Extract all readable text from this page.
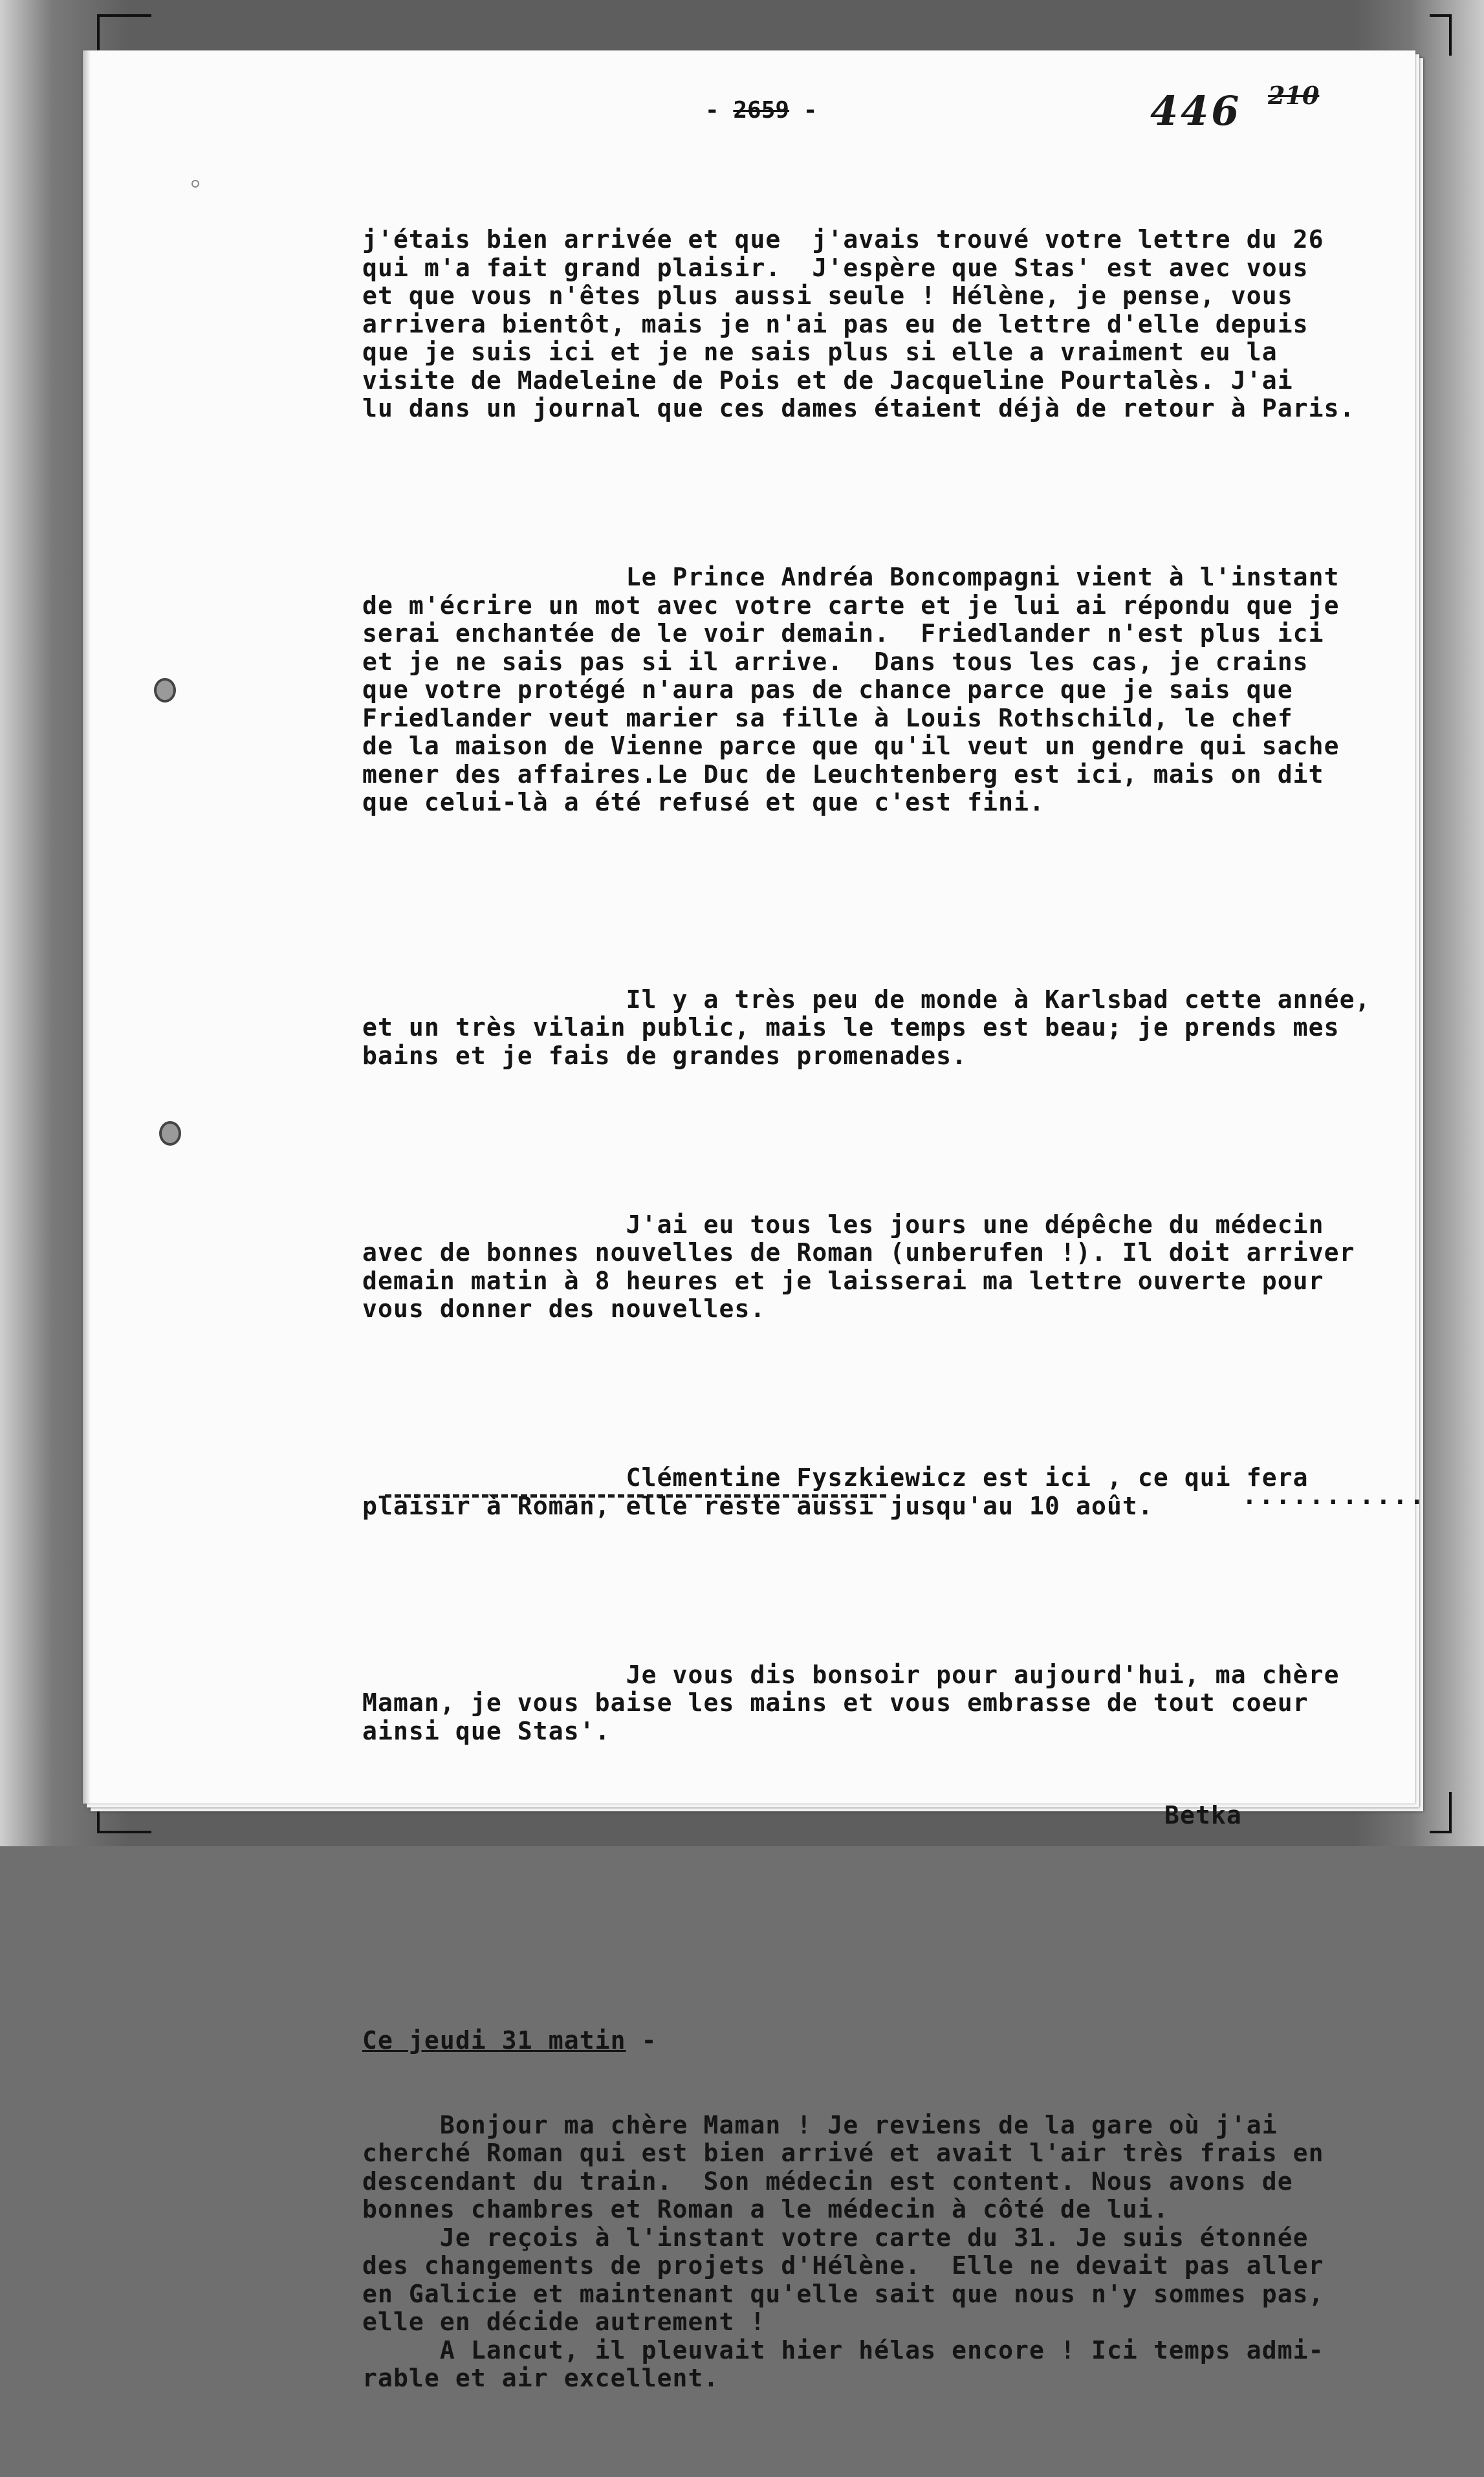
- 2659 -	446 210

j'étais bien arrivée et que  j'avais trouvé votre lettre du 26
qui m'a fait grand plaisir.  J'espère que Stas' est avec vous
et que vous n'êtes plus aussi seule ! Hélène, je pense, vous
arrivera bientôt, mais je n'ai pas eu de lettre d'elle depuis
que je suis ici et je ne sais plus si elle a vraiment eu la
visite de Madeleine de Pois et de Jacqueline Pourtalès. J'ai
lu dans un journal que ces dames étaient déjà de retour à Paris.

Le Prince Andréa Boncompagni vient à l'instant
de m'écrire un mot avec votre carte et je lui ai répondu que je
serai enchantée de le voir demain.  Friedlander n'est plus ici
et je ne sais pas si il arrive.  Dans tous les cas, je crains
que votre protégé n'aura pas de chance parce que je sais que
Friedlander veut marier sa fille à Louis Rothschild, le chef
de la maison de Vienne parce que qu'il veut un gendre qui sache
mener des affaires.Le Duc de Leuchtenberg est ici, mais on dit
que celui-là a été refusé et que c'est fini.

Il y a très peu de monde à Karlsbad cette année,
et un très vilain public, mais le temps est beau; je prends mes
bains et je fais de grandes promenades.

J'ai eu tous les jours une dépêche du médecin
avec de bonnes nouvelles de Roman (unberufen !). Il doit arriver
demain matin à 8 heures et je laisserai ma lettre ouverte pour
vous donner des nouvelles.

Clémentine Fyszkiewicz est ici , ce qui fera
plaisir à Roman, elle reste aussi jusqu'au 10 août.

Je vous dis bonsoir pour aujourd'hui, ma chère
Maman, je vous baise les mains et vous embrasse de tout coeur
ainsi que Stas'.

Betka

Ce jeudi 31 matin -

Bonjour ma chère Maman ! Je reviens de la gare où j'ai
cherché Roman qui est bien arrivé et avait l'air très frais en
descendant du train.  Son médecin est content. Nous avons de
bonnes chambres et Roman a le médecin à côté de lui.
Je reçois à l'instant votre carte du 31. Je suis étonnée
des changements de projets d'Hélène.  Elle ne devait pas aller
en Galicie et maintenant qu'elle sait que nous n'y sommes pas,
elle en décide autrement !
A Lancut, il pleuvait hier hélas encore ! Ici temps admi-
rable et air excellent.

...........
